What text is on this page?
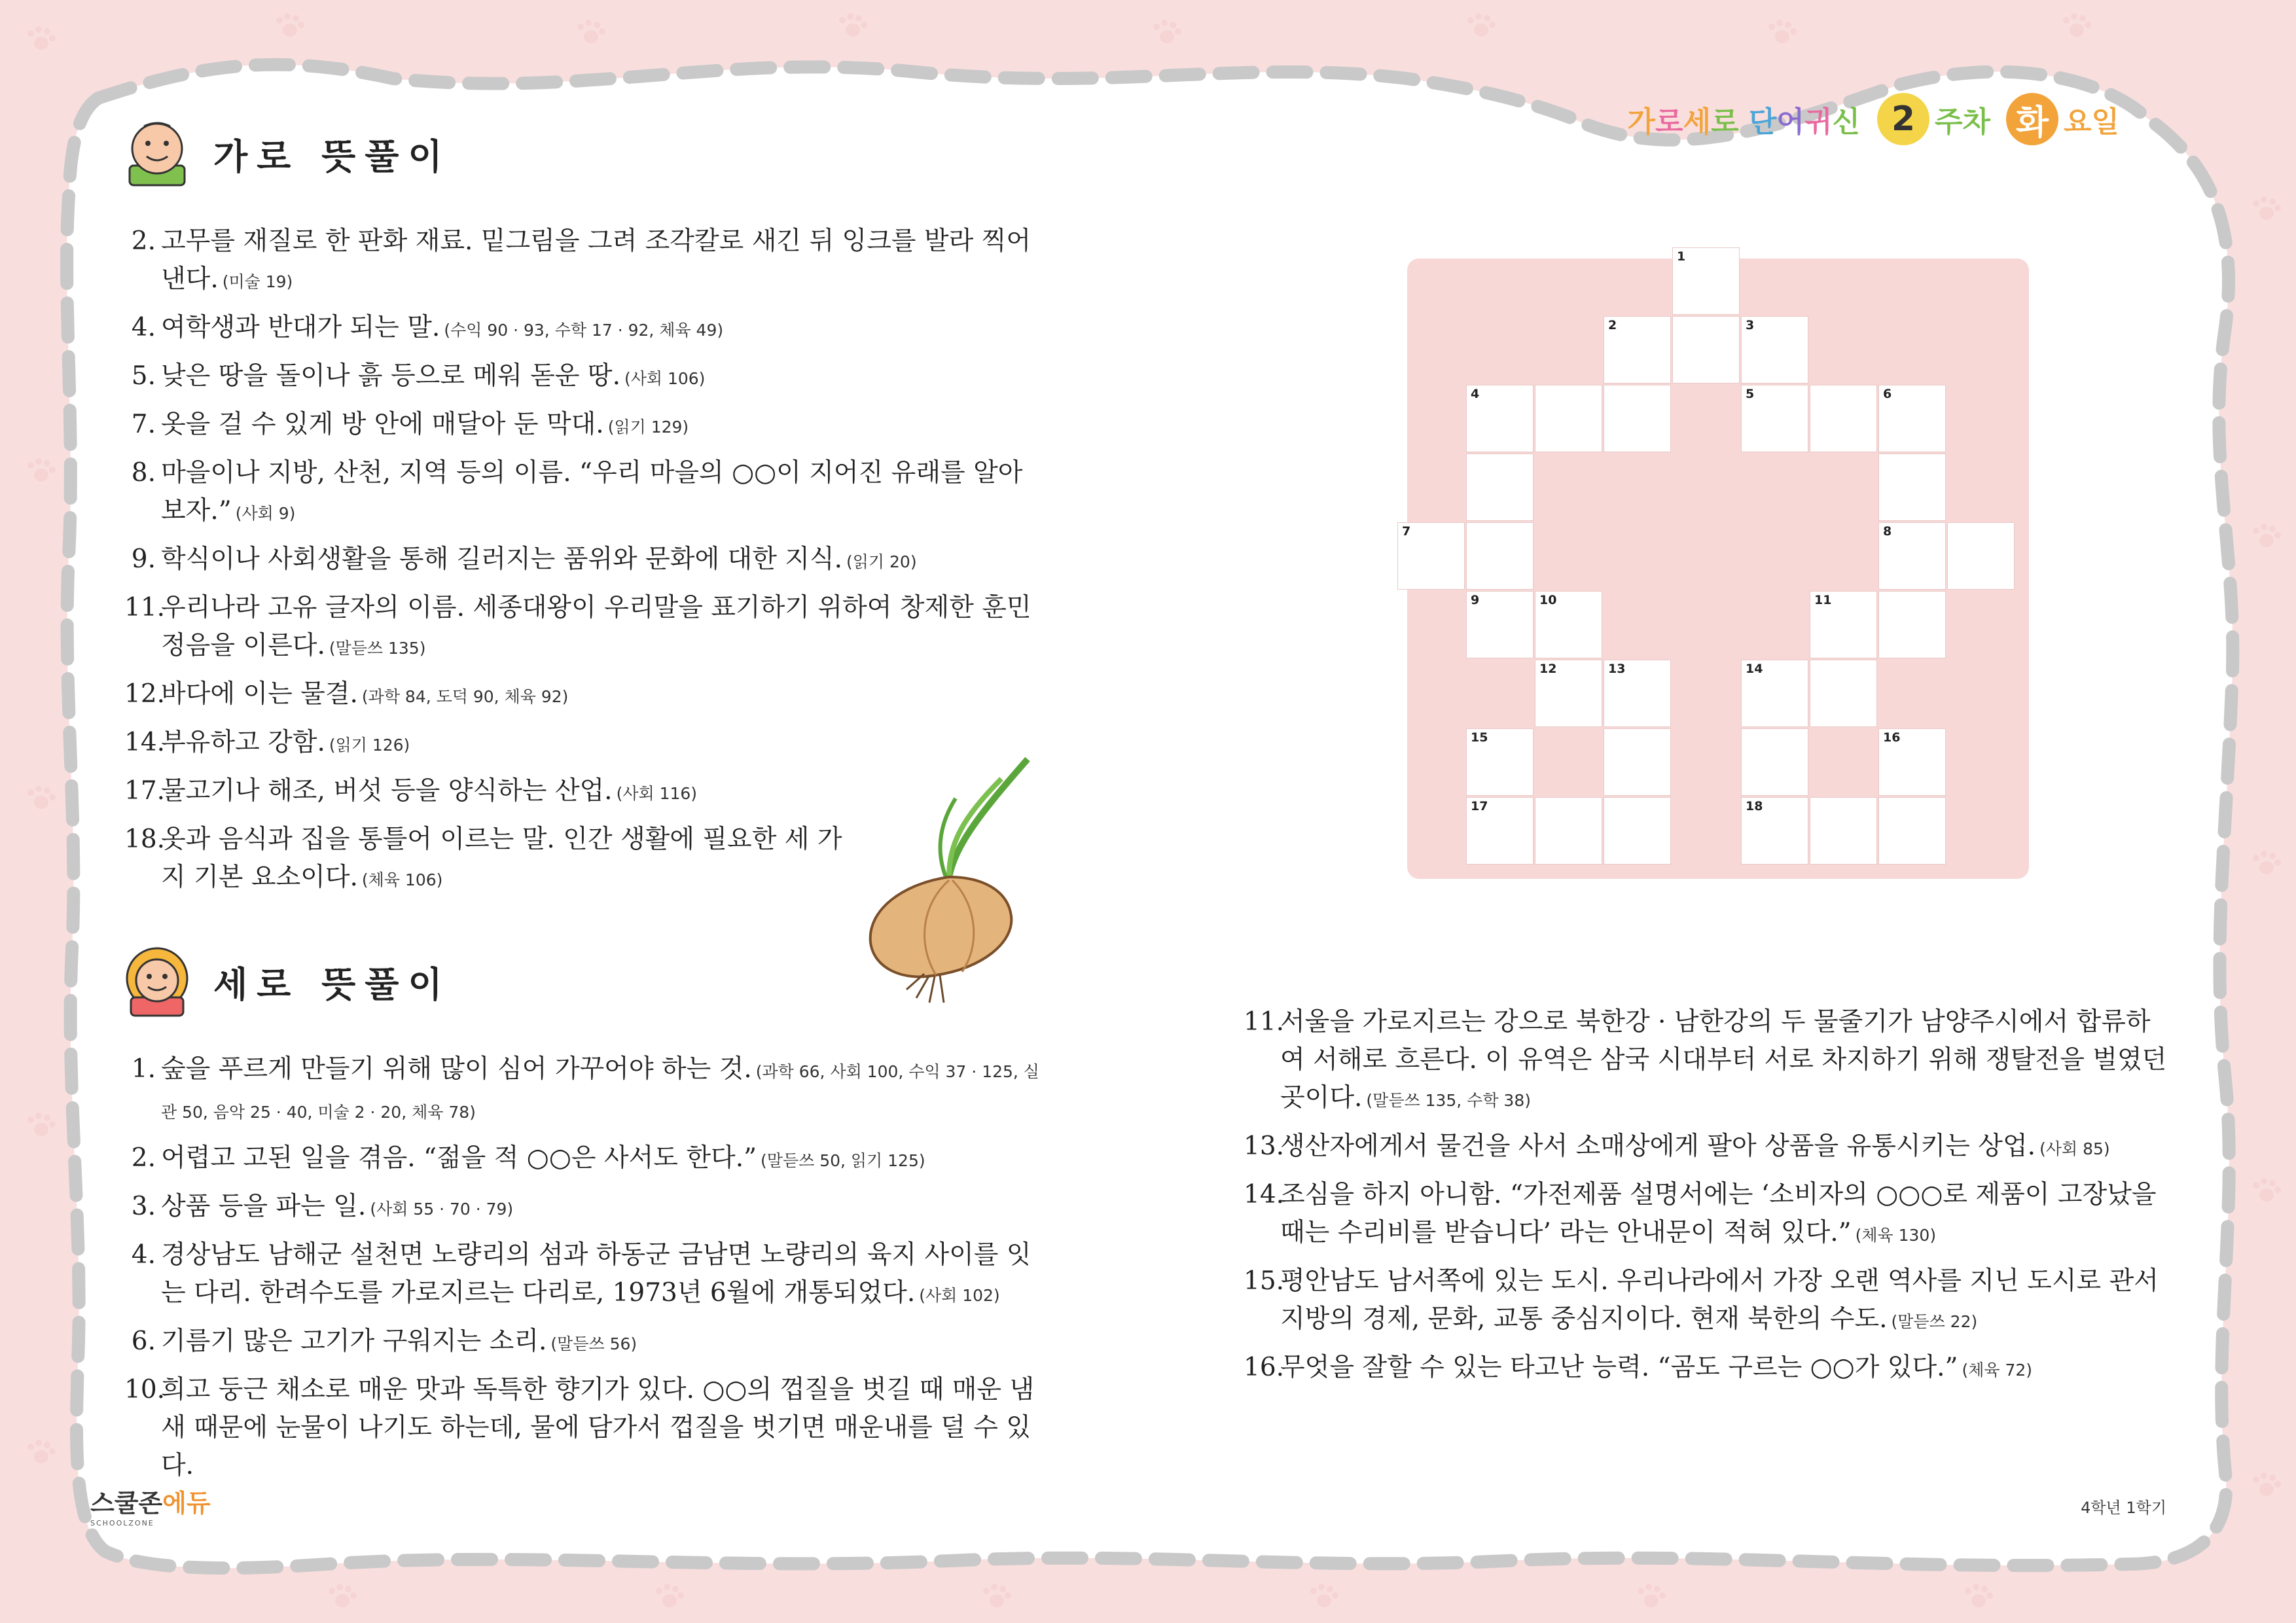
가로세로 단어귀신 2 주차 화 요일
가로 뜻풀이
2. 고무를 재질로 한 판화 재료. 밑그림을 그려 조각칼로 새긴 뒤 잉크를 발라 찍어낸다. (미술 19)
4. 여학생과 반대가 되는 말. (수익 90 · 93, 수학 17 · 92, 체육 49)
5. 낮은 땅을 돌이나 흙 등으로 메워 돋운 땅. (사회 106)
7. 옷을 걸 수 있게 방 안에 매달아 둔 막대. (읽기 129)
8. 마을이나 지방, 산천, 지역 등의 이름. “우리 마을의 ○○이 지어진 유래를 알아 보자.” (사회 9)
9. 학식이나 사회생활을 통해 길러지는 품위와 문화에 대한 지식. (읽기 20)
11.
우리나라 고유 글자의 이름. 세종대왕이 우리말을 표기하기 위하여 창제한 훈민정음을 이른다. (말듣쓰 135)
12.
바다에 이는 물결. (과학 84, 도덕 90, 체육 92)
14.
부유하고 강함. (읽기 126)
17.
물고기나 해조, 버섯 등을 양식하는 산업. (사회 116)
18.
옷과 음식과 집을 통틀어 이르는 말. 인간 생활에 필요한 세 가지 기본 요소이다. (체육 106)
세로 뜻풀이
1. 숲을 푸르게 만들기 위해 많이 심어 가꾸어야 하는 것. (과학 66, 사회 100, 수익 37 · 125, 실관 50, 음악 25 · 40, 미술 2 · 20, 체육 78)
2. 어렵고 고된 일을 겪음. “젊을 적 ○○은 사서도 한다.” (말듣쓰 50, 읽기 125)
3. 상품 등을 파는 일. (사회 55 · 70 · 79)
4. 경상남도 남해군 설천면 노량리의 섬과 하동군 금남면 노량리의 육지 사이를 잇는 다리. 한려수도를 가로지르는 다리로, 1973년 6월에 개통되었다. (사회 102)
6. 기름기 많은 고기가 구워지는 소리. (말듣쓰 56)
10.
희고 둥근 채소로 매운 맛과 독특한 향기가 있다. ○○의 껍질을 벗길 때 매운 냄새 때문에 눈물이 나기도 하는데, 물에 담가서 껍질을 벗기면 매운내를 덜 수 있다.
11.
서울을 가로지르는 강으로 북한강 · 남한강의 두 물줄기가 남양주시에서 합류하여 서해로 흐른다. 이 유역은 삼국 시대부터 서로 차지하기 위해 쟁탈전을 벌였던 곳이다. (말듣쓰 135, 수학 38)
13.
생산자에게서 물건을 사서 소매상에게 팔아 상품을 유통시키는 상업. (사회 85)
14.
조심을 하지 아니함. “가전제품 설명서에는 ‘소비자의 ○○○로 제품이 고장났을 때는 수리비를 받습니다’ 라는 안내문이 적혀 있다.” (체육 130)
15.
평안남도 남서쪽에 있는 도시. 우리나라에서 가장 오랜 역사를 지닌 도시로 관서 지방의 경제, 문화, 교통 중심지이다. 현재 북한의 수도. (말듣쓰 22)
16.
무엇을 잘할 수 있는 타고난 능력. “곰도 구르는 ○○가 있다.” (체육 72)
1
2	3
4	5	6
7	8
9	10	11
12	13	14
15	16
17	18
스쿨존에듀
SCHOOLZONE
4학년 1학기
